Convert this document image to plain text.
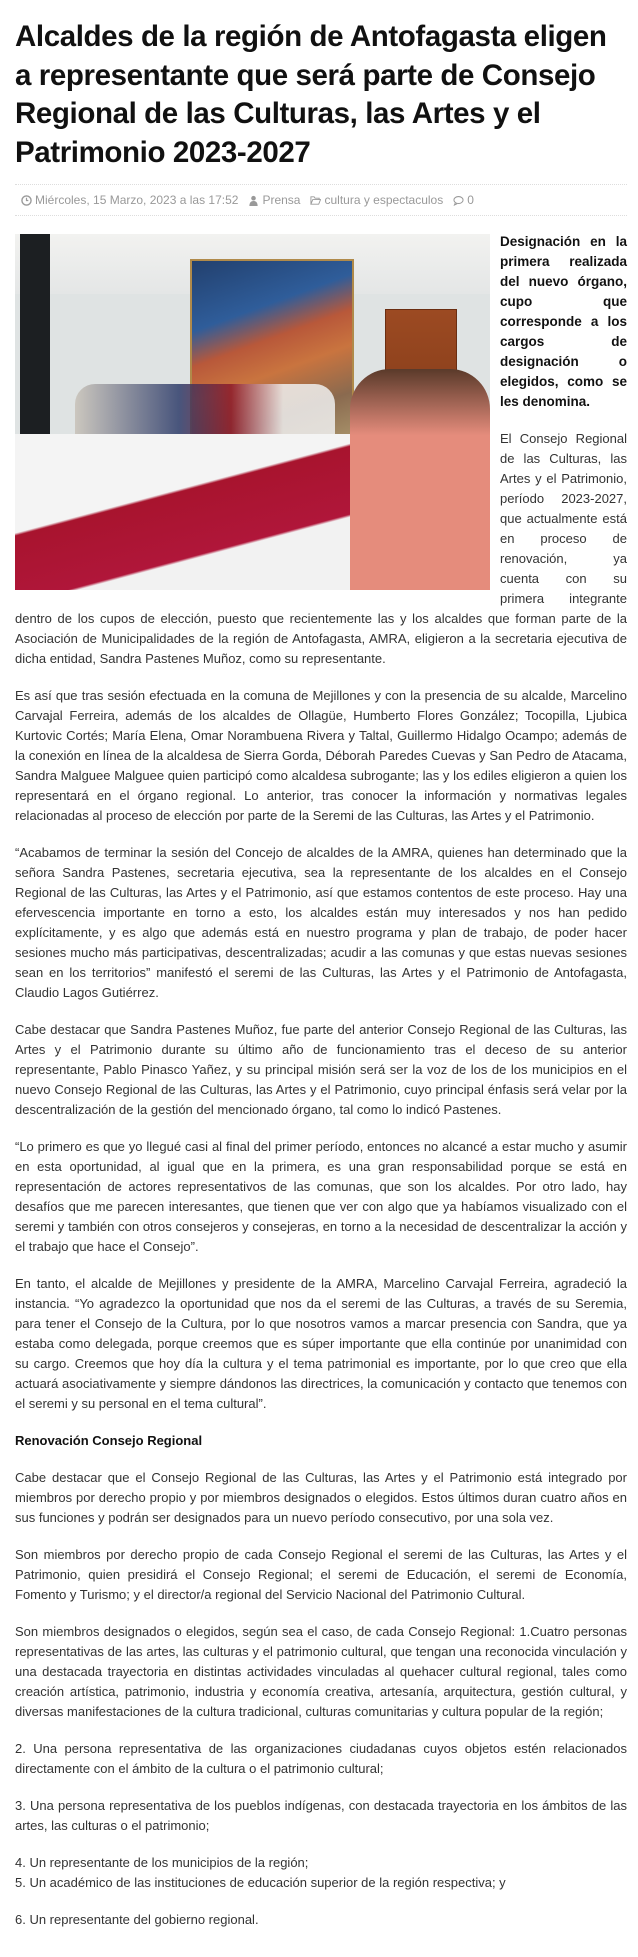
Alcaldes de la región de Antofagasta eligen a representante que será parte de Consejo Regional de las Culturas, las Artes y el Patrimonio 2023-2027
Miércoles, 15 Marzo, 2023 a las 17:52 Prensa cultura y espectaculos 0

Designación en la primera realizada del nuevo órgano, cupo que corresponde a los cargos de designación o elegidos, como se les denomina.

El Consejo Regional de las Culturas, las Artes y el Patrimonio, período 2023-2027, que actualmente está en proceso de renovación, ya cuenta con su primera integrante dentro de los cupos de elección, puesto que recientemente las y los alcaldes que forman parte de la Asociación de Municipalidades de la región de Antofagasta, AMRA, eligieron a la secretaria ejecutiva de dicha entidad, Sandra Pastenes Muñoz, como su representante.

Es así que tras sesión efectuada en la comuna de Mejillones y con la presencia de su alcalde, Marcelino Carvajal Ferreira, además de los alcaldes de Ollagüe, Humberto Flores González; Tocopilla, Ljubica Kurtovic Cortés; María Elena, Omar Norambuena Rivera y Taltal, Guillermo Hidalgo Ocampo; además de la conexión en línea de la alcaldesa de Sierra Gorda, Déborah Paredes Cuevas y San Pedro de Atacama, Sandra Malguee Malguee quien participó como alcaldesa subrogante; las y los ediles eligieron a quien los representará en el órgano regional. Lo anterior, tras conocer la información y normativas legales relacionadas al proceso de elección por parte de la Seremi de las Culturas, las Artes y el Patrimonio.

“Acabamos de terminar la sesión del Concejo de alcaldes de la AMRA, quienes han determinado que la señora Sandra Pastenes, secretaria ejecutiva, sea la representante de los alcaldes en el Consejo Regional de las Culturas, las Artes y el Patrimonio, así que estamos contentos de este proceso. Hay una efervescencia importante en torno a esto, los alcaldes están muy interesados y nos han pedido explícitamente, y es algo que además está en nuestro programa y plan de trabajo, de poder hacer sesiones mucho más participativas, descentralizadas; acudir a las comunas y que estas nuevas sesiones sean en los territorios” manifestó el seremi de las Culturas, las Artes y el Patrimonio de Antofagasta, Claudio Lagos Gutiérrez.

Cabe destacar que Sandra Pastenes Muñoz, fue parte del anterior Consejo Regional de las Culturas, las Artes y el Patrimonio durante su último año de funcionamiento tras el deceso de su anterior representante, Pablo Pinasco Yañez, y su principal misión será ser la voz de los de los municipios en el nuevo Consejo Regional de las Culturas, las Artes y el Patrimonio, cuyo principal énfasis será velar por la descentralización de la gestión del mencionado órgano, tal como lo indicó Pastenes.

“Lo primero es que yo llegué casi al final del primer período, entonces no alcancé a estar mucho y asumir en esta oportunidad, al igual que en la primera, es una gran responsabilidad porque se está en representación de actores representativos de las comunas, que son los alcaldes. Por otro lado, hay desafíos que me parecen interesantes, que tienen que ver con algo que ya habíamos visualizado con el seremi y también con otros consejeros y consejeras, en torno a la necesidad de descentralizar la acción y el trabajo que hace el Consejo”.

En tanto, el alcalde de Mejillones y presidente de la AMRA, Marcelino Carvajal Ferreira, agradeció la instancia. “Yo agradezco la oportunidad que nos da el seremi de las Culturas, a través de su Seremia, para tener el Consejo de la Cultura, por lo que nosotros vamos a marcar presencia con Sandra, que ya estaba como delegada, porque creemos que es súper importante que ella continúe por unanimidad con su cargo. Creemos que hoy día la cultura y el tema patrimonial es importante, por lo que creo que ella actuará asociativamente y siempre dándonos las directrices, la comunicación y contacto que tenemos con el seremi y su personal en el tema cultural”.

Renovación Consejo Regional

Cabe destacar que el Consejo Regional de las Culturas, las Artes y el Patrimonio está integrado por miembros por derecho propio y por miembros designados o elegidos. Estos últimos duran cuatro años en sus funciones y podrán ser designados para un nuevo período consecutivo, por una sola vez.

Son miembros por derecho propio de cada Consejo Regional el seremi de las Culturas, las Artes y el Patrimonio, quien presidirá el Consejo Regional; el seremi de Educación, el seremi de Economía, Fomento y Turismo; y el director/a regional del Servicio Nacional del Patrimonio Cultural.

Son miembros designados o elegidos, según sea el caso, de cada Consejo Regional: 1.Cuatro personas representativas de las artes, las culturas y el patrimonio cultural, que tengan una reconocida vinculación y una destacada trayectoria en distintas actividades vinculadas al quehacer cultural regional, tales como creación artística, patrimonio, industria y economía creativa, artesanía, arquitectura, gestión cultural, y diversas manifestaciones de la cultura tradicional, culturas comunitarias y cultura popular de la región;

2. Una persona representativa de las organizaciones ciudadanas cuyos objetos estén relacionados directamente con el ámbito de la cultura o el patrimonio cultural;

3. Una persona representativa de los pueblos indígenas, con destacada trayectoria en los ámbitos de las artes, las culturas o el patrimonio;

4. Un representante de los municipios de la región;

5. Un académico de las instituciones de educación superior de la región respectiva; y

6. Un representante del gobierno regional.
